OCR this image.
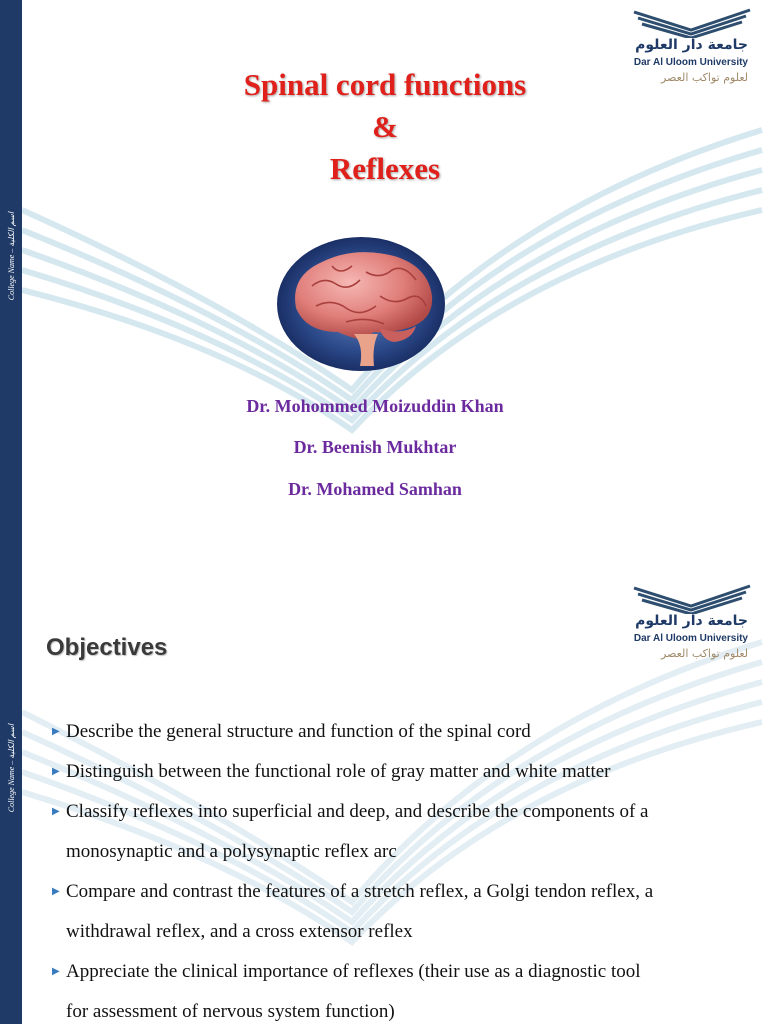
College Name – اسم الكلية
جامعة دار العلوم
Dar Al Uloom University
لعلوم تواكب العصر
Spinal cord functions
&
Reflexes
Dr. Mohommed Moizuddin Khan
Dr. Beenish Mukhtar
Dr. Mohamed Samhan
College Name – اسم الكلية
جامعة دار العلوم
Dar Al Uloom University
لعلوم تواكب العصر
Objectives
▶ Describe the general structure and function of the spinal cord
▶ Distinguish between the functional role of gray matter and white matter
▶ Classify reflexes into superficial and deep, and describe the components of a
monosynaptic and a polysynaptic reflex arc
▶ Compare and contrast the features of a stretch reflex, a Golgi tendon reflex, a
withdrawal reflex, and a cross extensor reflex
▶ Appreciate the clinical importance of reflexes (their use as a diagnostic tool
for assessment of nervous system function)
